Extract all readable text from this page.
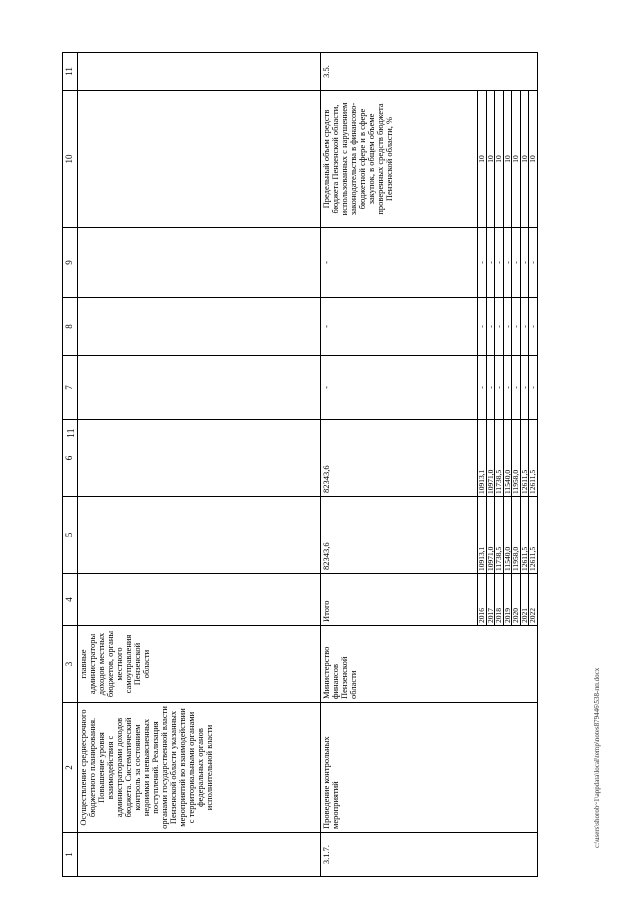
11
c:\users\shorob~1\appdata\local\temp\notes879446\538-пп.docx
1	2	3	4	5	6	7	8	9	10	11
	Осуществление среднесрочного бюджетного планирования. Повышение уровня взаимодействия с администраторами доходов бюджета. Систематический контроль за состоянием недоимки и невыясненных поступлений. Реализация органами государственной власти Пензенской области указанных мероприятий во взаимодействии с территориальными органами федеральных органов исполнительной власти	главные администраторы доходов местных бюджетов, органы местного самоуправления Пензенской области								
3.1.7.	Проведение контрольных мероприятий	Министерство финансов Пензенской области	Итого	82343,6	82343,6	-	-	-	Предельный объем средств бюджета Пензенской области, использованных с нарушением законодательства в финансово-бюджетной сфере и в сфере закупок, в общем объеме проверенных средств бюджета Пензенской области, %	3.5.
			2016	10913,1	10913,1	-	-	-	10	
			2017	10971,0	10971,0	-	-	-	10	
			2018	11738,5	11738,5	-	-	-	10	
			2019	11540,0	11540,0	-	-	-	10	
			2020	11958,0	11958,0	-	-	-	10	
			2021	12611,5	12611,5	-	-	-	10	
			2022	12611,5	12611,5	-	-	-	10	
